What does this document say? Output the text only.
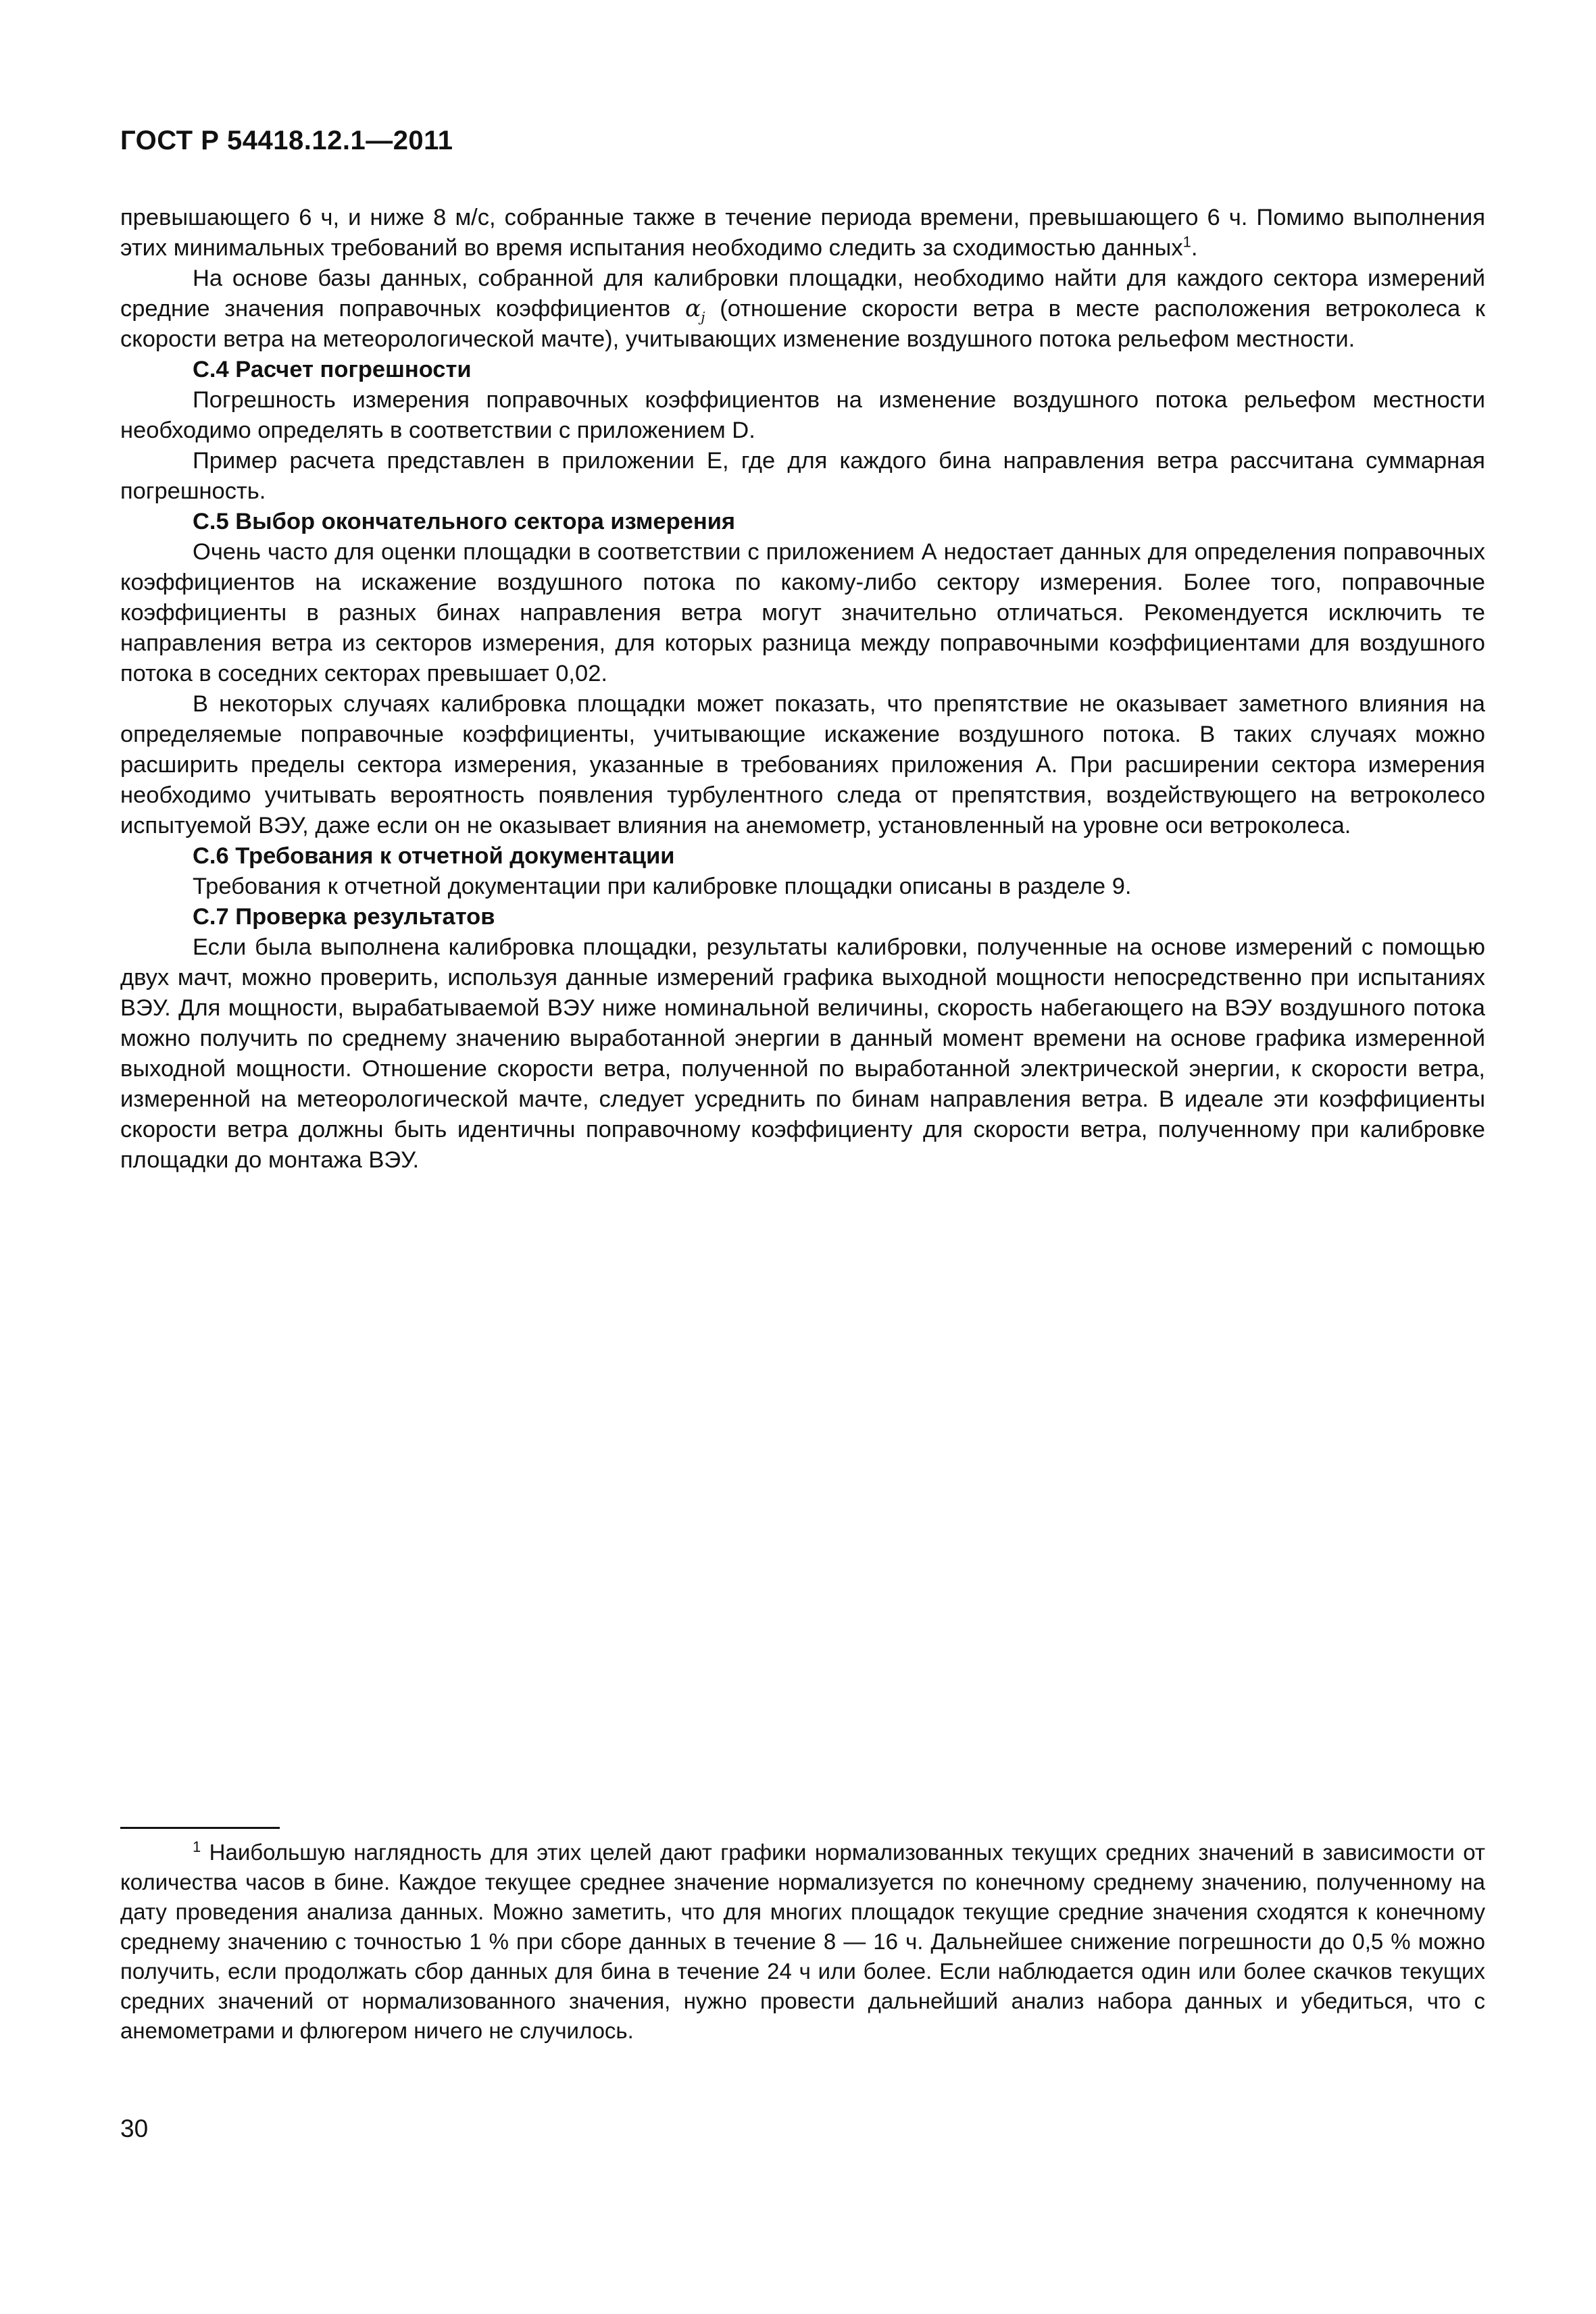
ГОСТ Р 54418.12.1—2011

превышающего 6 ч, и ниже 8 м/с, собранные также в течение периода времени, превышающего 6 ч. Помимо выполнения этих минимальных требований во время испытания необходимо следить за сходимостью данных$^1$.

На основе базы данных, собранной для калибровки площадки, необходимо найти для каждого сектора измерений средние значения поправочных коэффициентов $\alpha_j$ (отношение скорости ветра в месте расположения ветроколеса к скорости ветра на метеорологической мачте), учитывающих изменение воздушного потока рельефом местности.

С.4 Расчет погрешности

Погрешность измерения поправочных коэффициентов на изменение воздушного потока рельефом местности необходимо определять в соответствии с приложением D.

Пример расчета представлен в приложении E, где для каждого бина направления ветра рассчитана суммарная погрешность.

С.5 Выбор окончательного сектора измерения

Очень часто для оценки площадки в соответствии с приложением А недостает данных для определения поправочных коэффициентов на искажение воздушного потока по какому-либо сектору измерения. Более того, поправочные коэффициенты в разных бинах направления ветра могут значительно отличаться. Рекомендуется исключить те направления ветра из секторов измерения, для которых разница между поправочными коэффициентами для воздушного потока в соседних секторах превышает 0,02.

В некоторых случаях калибровка площадки может показать, что препятствие не оказывает заметного влияния на определяемые поправочные коэффициенты, учитывающие искажение воздушного потока. В таких случаях можно расширить пределы сектора измерения, указанные в требованиях приложения А. При расширении сектора измерения необходимо учитывать вероятность появления турбулентного следа от препятствия, воздействующего на ветроколесо испытуемой ВЭУ, даже если он не оказывает влияния на анемометр, установленный на уровне оси ветроколеса.

С.6 Требования к отчетной документации

Требования к отчетной документации при калибровке площадки описаны в разделе 9.

С.7 Проверка результатов

Если была выполнена калибровка площадки, результаты калибровки, полученные на основе измерений с помощью двух мачт, можно проверить, используя данные измерений графика выходной мощности непосредственно при испытаниях ВЭУ. Для мощности, вырабатываемой ВЭУ ниже номинальной величины, скорость набегающего на ВЭУ воздушного потока можно получить по среднему значению выработанной энергии в данный момент времени на основе графика измеренной выходной мощности. Отношение скорости ветра, полученной по выработанной электрической энергии, к скорости ветра, измеренной на метеорологической мачте, следует усреднить по бинам направления ветра. В идеале эти коэффициенты скорости ветра должны быть идентичны поправочному коэффициенту для скорости ветра, полученному при калибровке площадки до монтажа ВЭУ.

$^1$ Наибольшую наглядность для этих целей дают графики нормализованных текущих средних значений в зависимости от количества часов в бине. Каждое текущее среднее значение нормализуется по конечному среднему значению, полученному на дату проведения анализа данных. Можно заметить, что для многих площадок текущие средние значения сходятся к конечному среднему значению с точностью 1 % при сборе данных в течение 8 — 16 ч. Дальнейшее снижение погрешности до 0,5 % можно получить, если продолжать сбор данных для бина в течение 24 ч или более. Если наблюдается один или более скачков текущих средних значений от нормализованного значения, нужно провести дальнейший анализ набора данных и убедиться, что с анемометрами и флюгером ничего не случилось.

30
